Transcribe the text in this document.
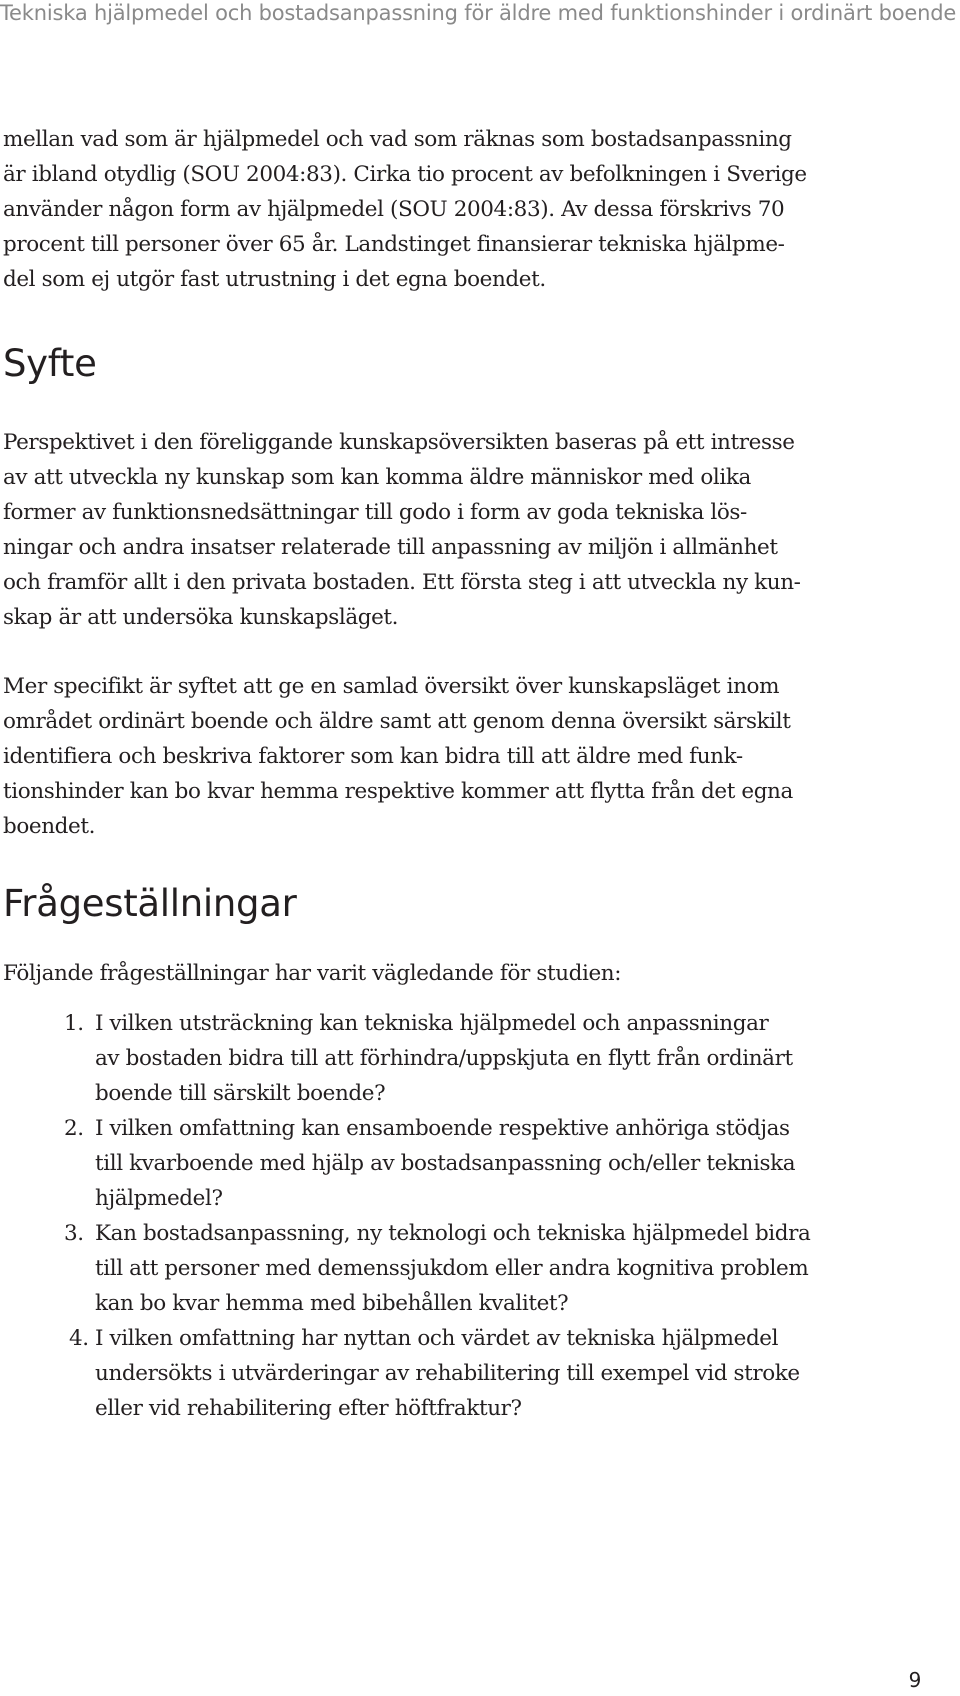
Tekniska hjälpmedel och bostadsanpassning för äldre med funktionshinder i ordinärt boende

mellan vad som är hjälpmedel och vad som räknas som bostadsanpassning
är ibland otydlig (SOU 2004:83). Cirka tio procent av befolkningen i Sverige
använder någon form av hjälpmedel (SOU 2004:83). Av dessa förskrivs 70
procent till personer över 65 år. Landstinget finansierar tekniska hjälpme-
del som ej utgör fast utrustning i det egna boendet.

Syfte

Perspektivet i den föreliggande kunskapsöversikten baseras på ett intresse
av att utveckla ny kunskap som kan komma äldre människor med olika
former av funktionsnedsättningar till godo i form av goda tekniska lös-
ningar och andra insatser relaterade till anpassning av miljön i allmänhet
och framför allt i den privata bostaden. Ett första steg i att utveckla ny kun-
skap är att undersöka kunskapsläget.

Mer specifikt är syftet att ge en samlad översikt över kunskapsläget inom
området ordinärt boende och äldre samt att genom denna översikt särskilt
identifiera och beskriva faktorer som kan bidra till att äldre med funk-
tionshinder kan bo kvar hemma respektive kommer att flytta från det egna
boendet.

Frågeställningar

Följande frågeställningar har varit vägledande för studien:

1. I vilken utsträckning kan tekniska hjälpmedel och anpassningar
av bostaden bidra till att förhindra/uppskjuta en flytt från ordinärt
boende till särskilt boende?
2. I vilken omfattning kan ensamboende respektive anhöriga stödjas
till kvarboende med hjälp av bostadsanpassning och/eller tekniska
hjälpmedel?
3. Kan bostadsanpassning, ny teknologi och tekniska hjälpmedel bidra
till att personer med demenssjukdom eller andra kognitiva problem
kan bo kvar hemma med bibehållen kvalitet?
4. I vilken omfattning har nyttan och värdet av tekniska hjälpmedel
undersökts i utvärderingar av rehabilitering till exempel vid stroke
eller vid rehabilitering efter höftfraktur?
9
